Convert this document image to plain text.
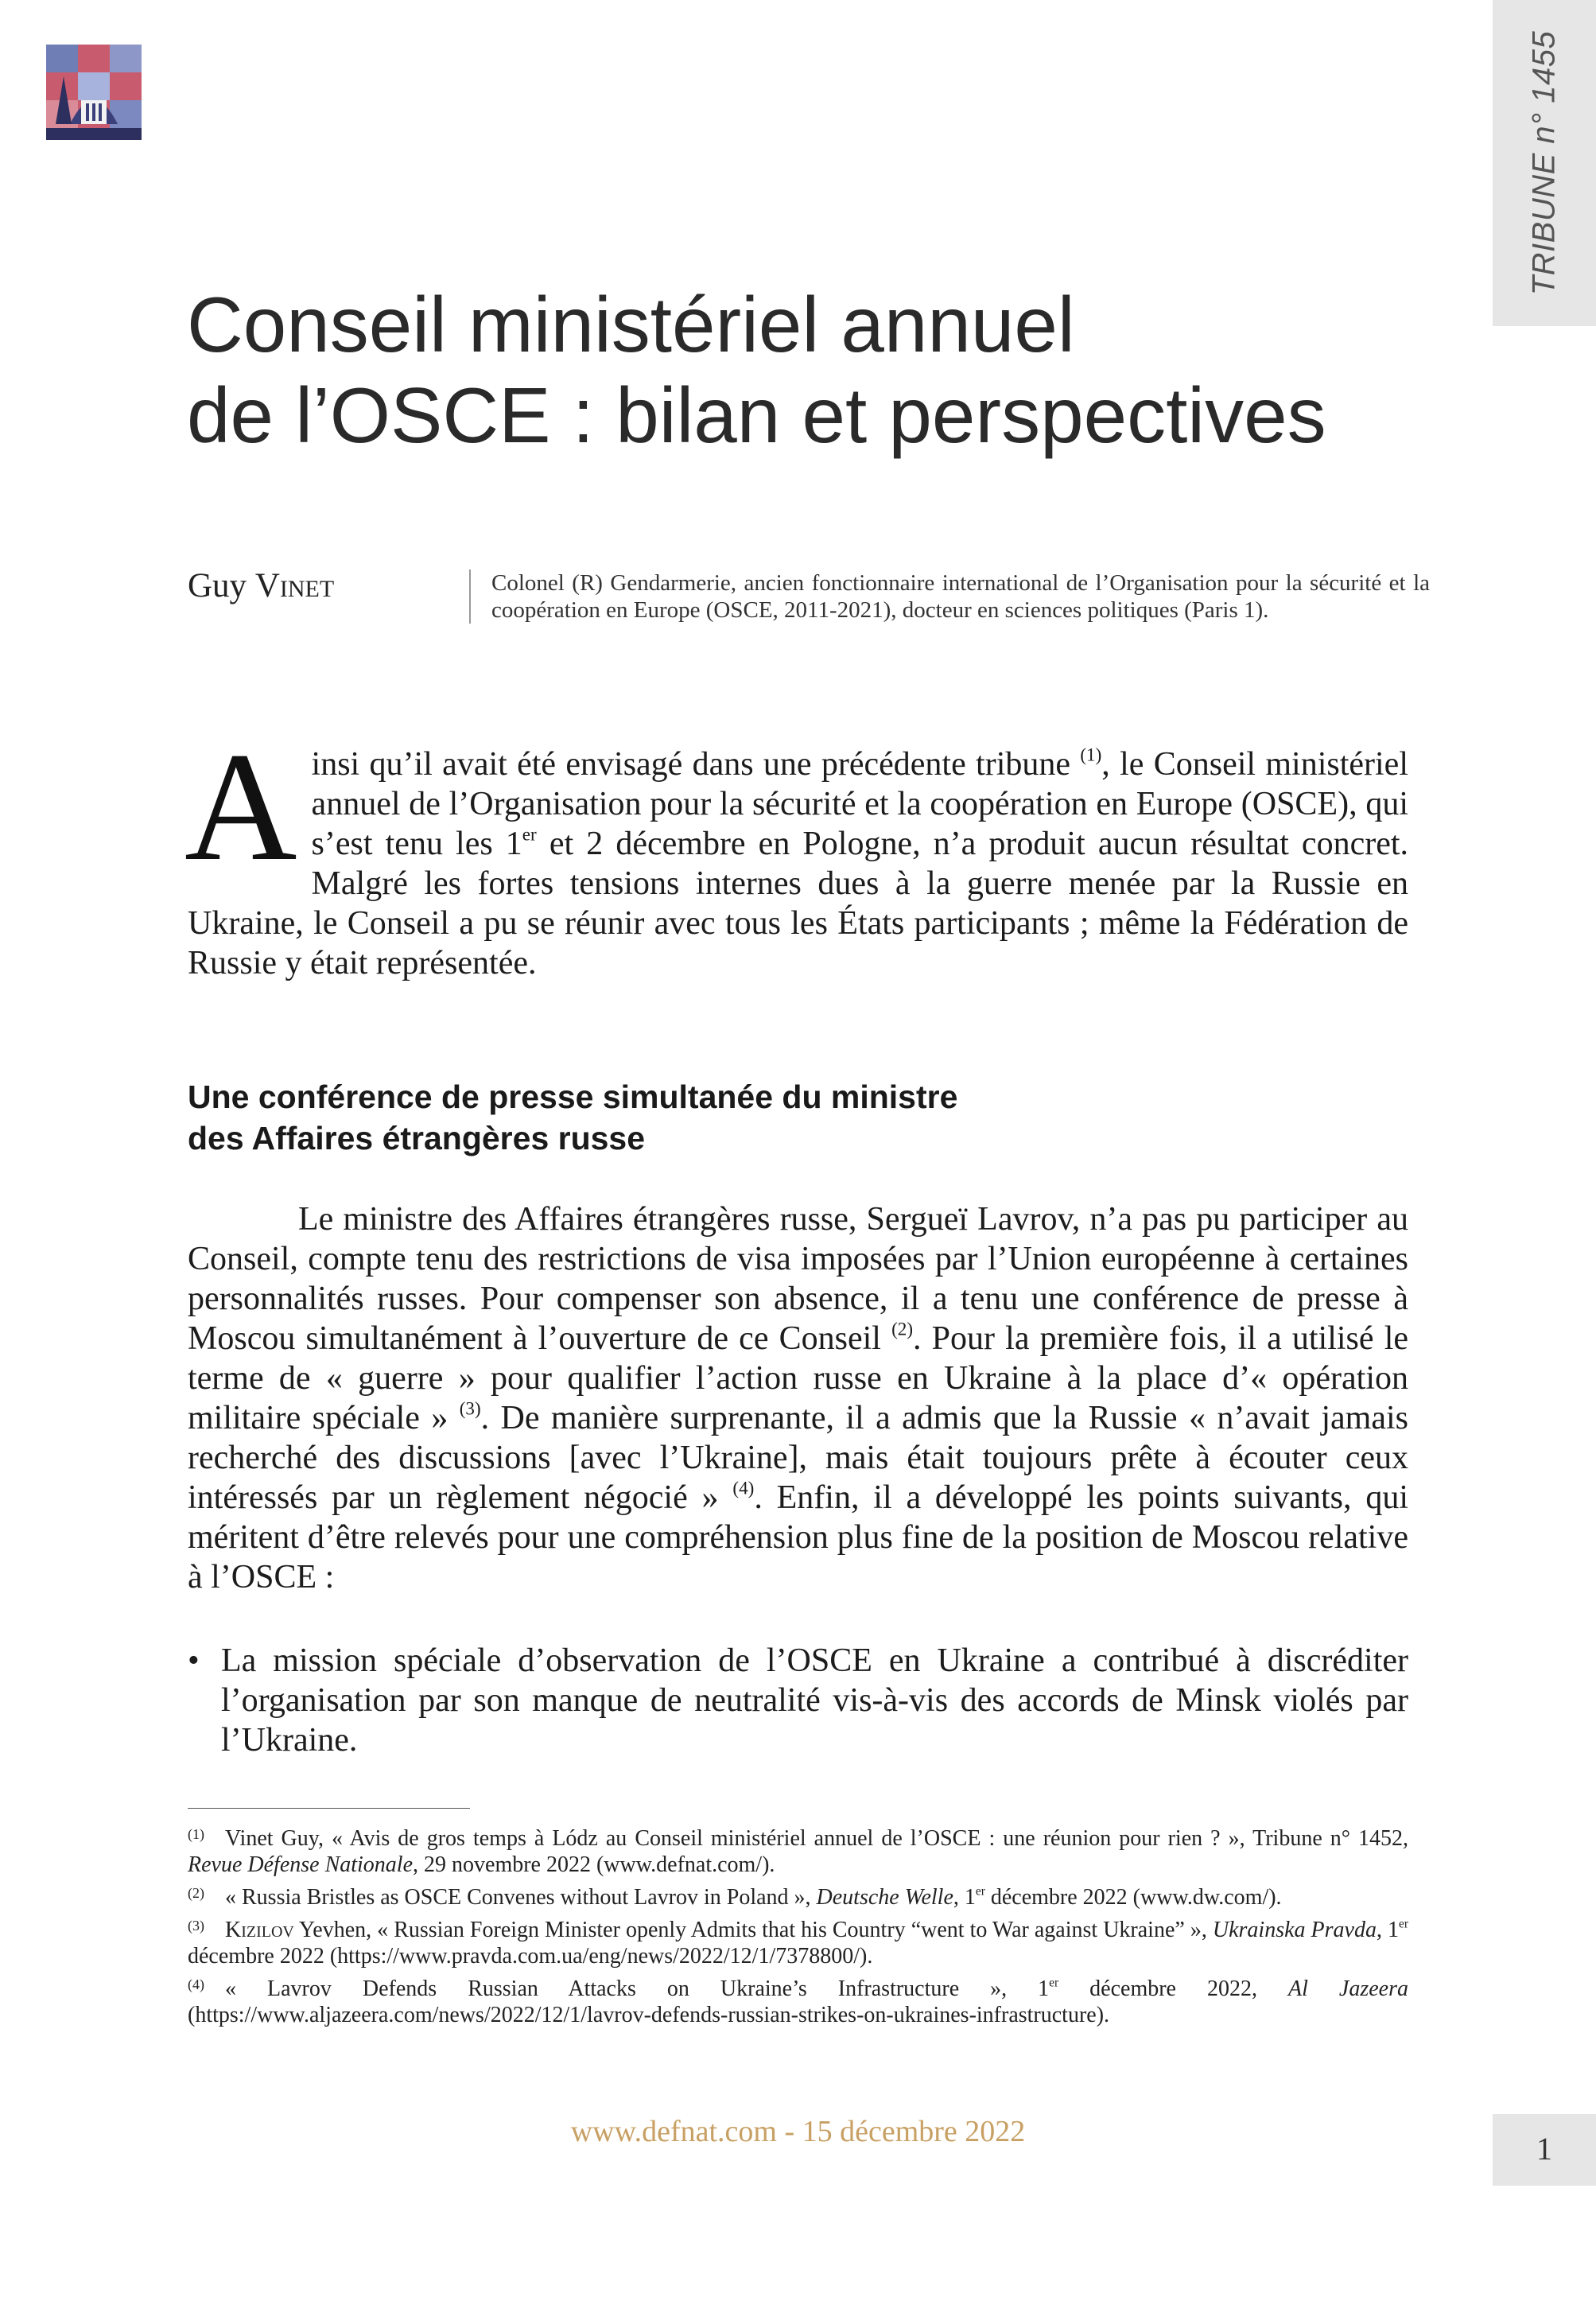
TRIBUNE n° 1455
Conseil ministériel annuel
de l’OSCE : bilan et perspectives
Guy Vinet	Colonel (R) Gendarmerie, ancien fonctionnaire international de l’Organisation pour la sécurité et la coopération en Europe (OSCE, 2011-2021), docteur en sciences politiques (Paris 1).

Ainsi qu’il avait été envisagé dans une précédente tribune $^{(1)}$, le Conseil ministériel annuel de l’Organisation pour la sécurité et la coopération en Europe (OSCE), qui s’est tenu les 1er et 2 décembre en Pologne, n’a produit aucun résultat concret. Malgré les fortes tensions internes dues à la guerre menée par la Russie en Ukraine, le Conseil a pu se réunir avec tous les États participants ; même la Fédération de Russie y était représentée.

Une conférence de presse simultanée du ministre
des Affaires étrangères russe

Le ministre des Affaires étrangères russe, Sergueï Lavrov, n’a pas pu participer au Conseil, compte tenu des restrictions de visa imposées par l’Union européenne à certaines personnalités russes. Pour compenser son absence, il a tenu une conférence de presse à Moscou simultanément à l’ouverture de ce Conseil $^{(2)}$. Pour la première fois, il a utilisé le terme de « guerre » pour qualifier l’action russe en Ukraine à la place d’« opération militaire spéciale » $^{(3)}$. De manière surprenante, il a admis que la Russie « n’avait jamais recherché des discussions [avec l’Ukraine], mais était toujours prête à écouter ceux intéressés par un règlement négocié » $^{(4)}$. Enfin, il a développé les points suivants, qui méritent d’être relevés pour une compréhension plus fine de la position de Moscou relative à l’OSCE :

• La mission spéciale d’observation de l’OSCE en Ukraine a contribué à discréditer l’organisation par son manque de neutralité vis-à-vis des accords de Minsk violés par l’Ukraine.

$^{(1)}$ Vinet Guy, « Avis de gros temps à Lódz au Conseil ministériel annuel de l’OSCE : une réunion pour rien ? », Tribune n° 1452, Revue Défense Nationale, 29 novembre 2022 (www.defnat.com/).

$^{(2)}$ « Russia Bristles as OSCE Convenes without Lavrov in Poland », Deutsche Welle, 1er décembre 2022 (www.dw.com/).

$^{(3)}$ Kizilov Yevhen, « Russian Foreign Minister openly Admits that his Country “went to War against Ukraine” », Ukrainska Pravda, 1er décembre 2022 (https://www.pravda.com.ua/eng/news/2022/12/1/7378800/).

$^{(4)}$ « Lavrov Defends Russian Attacks on Ukraine’s Infrastructure », 1er décembre 2022, Al Jazeera (https://www.aljazeera.com/news/2022/12/1/lavrov-defends-russian-strikes-on-ukraines-infrastructure).

www.defnat.com - 15 décembre 2022	1
